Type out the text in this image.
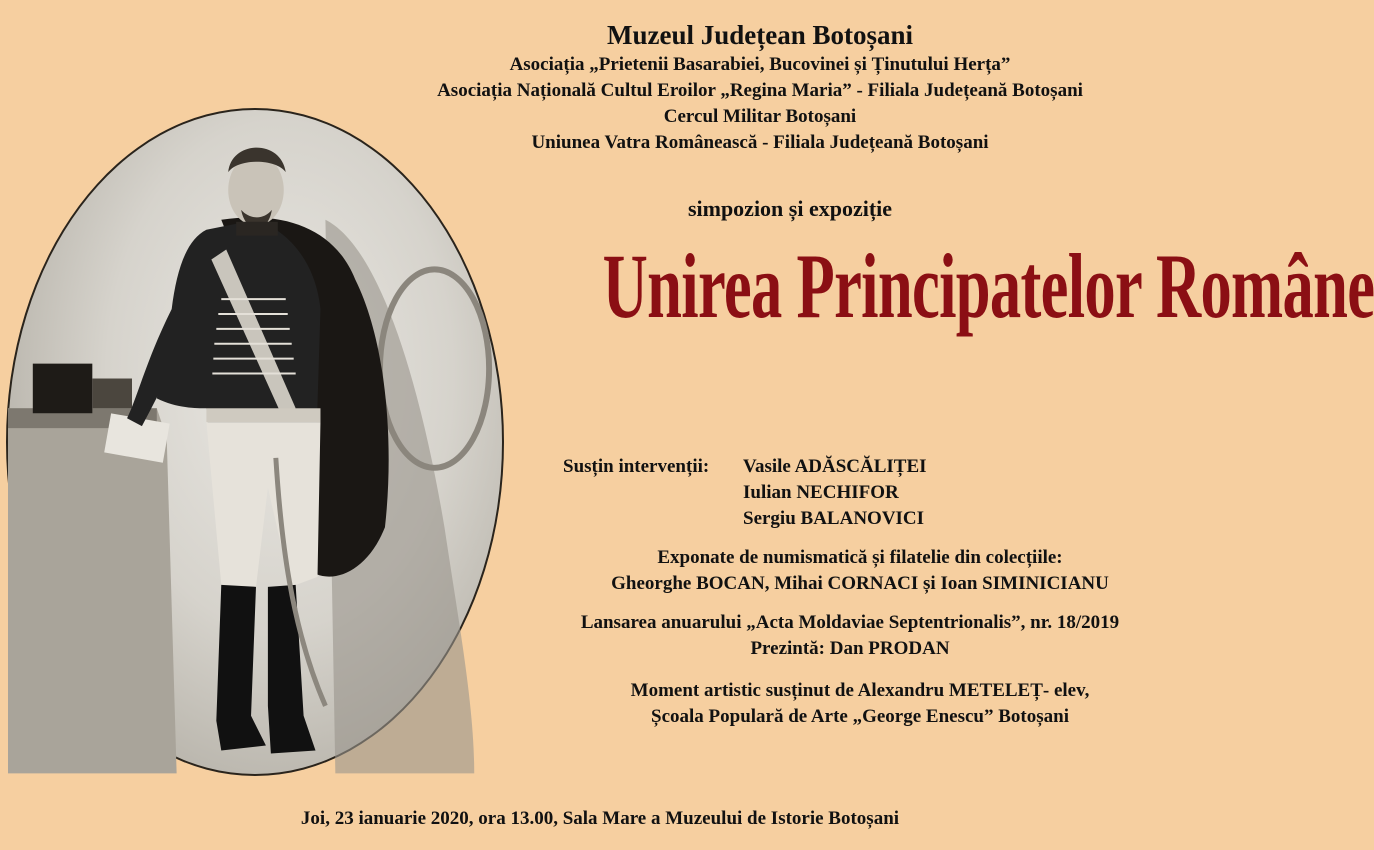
Muzeul Județean Botoșani
Asociația „Prietenii Basarabiei, Bucovinei și Ținutului Herța”
Asociația Națională Cultul Eroilor „Regina Maria” - Filiala Județeană Botoșani
Cercul Militar Botoșani
Uniunea Vatra Românească - Filiala Județeană Botoșani
simpozion și expoziție
Unirea Principatelor Române
Susțin intervenții:	Vasile ADĂSCĂLIȚEI
Iulian NECHIFOR
Sergiu BALANOVICI
Exponate de numismatică și filatelie din colecțiile:
Gheorghe BOCAN, Mihai CORNACI și Ioan SIMINICIANU
Lansarea anuarului „Acta Moldaviae Septentrionalis”, nr. 18/2019
Prezintă: Dan PRODAN
Moment artistic susținut de Alexandru METELEȚ- elev,
Școala Populară de Arte „George Enescu” Botoșani
Joi, 23 ianuarie 2020, ora 13.00, Sala Mare a Muzeului de Istorie Botoșani
